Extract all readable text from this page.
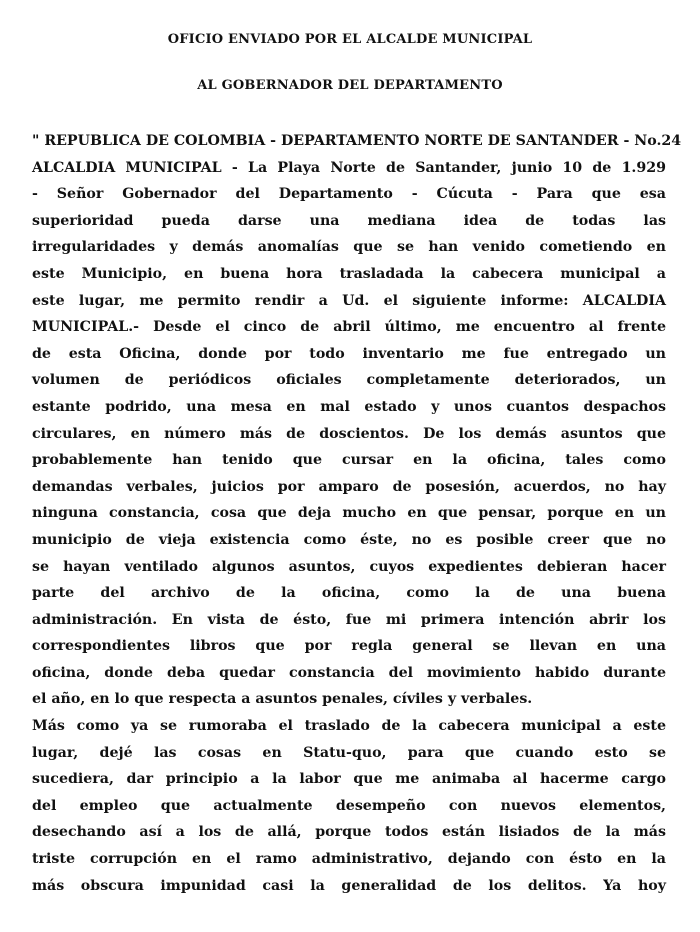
OFICIO ENVIADO POR EL ALCALDE MUNICIPAL
AL GOBERNADOR DEL DEPARTAMENTO
" REPUBLICA DE COLOMBIA - DEPARTAMENTO NORTE DE SANTANDER - No.24
ALCALDIA MUNICIPAL - La Playa Norte de Santander, junio 10 de 1.929
- Señor Gobernador del Departamento - Cúcuta - Para que esa
superioridad pueda darse una mediana idea de todas las
irregularidades y demás anomalías que se han venido cometiendo en
este Municipio, en buena hora trasladada la cabecera municipal a
este lugar, me permito rendir a Ud. el siguiente informe: ALCALDIA
MUNICIPAL.- Desde el cinco de abril último, me encuentro al frente
de esta Oficina, donde por todo inventario me fue entregado un
volumen de periódicos oficiales completamente deteriorados, un
estante podrido, una mesa en mal estado y unos cuantos despachos
circulares, en número más de doscientos. De los demás asuntos que
probablemente han tenido que cursar en la oficina, tales como
demandas verbales, juicios por amparo de posesión, acuerdos, no hay
ninguna constancia, cosa que deja mucho en que pensar, porque en un
municipio de vieja existencia como éste, no es posible creer que no
se hayan ventilado algunos asuntos, cuyos expedientes debieran hacer
parte del archivo de la oficina, como la de una buena
administración. En vista de ésto, fue mi primera intención abrir los
correspondientes libros que por regla general se llevan en una
oficina, donde deba quedar constancia del movimiento habido durante
el año, en lo que respecta a asuntos penales, cíviles y verbales.
Más como ya se rumoraba el traslado de la cabecera municipal a este
lugar, dejé las cosas en Statu-quo, para que cuando esto se
sucediera, dar principio a la labor que me animaba al hacerme cargo
del empleo que actualmente desempeño con nuevos elementos,
desechando así a los de allá, porque todos están lisiados de la más
triste corrupción en el ramo administrativo, dejando con ésto en la
más obscura impunidad casi la generalidad de los delitos. Ya hoy
